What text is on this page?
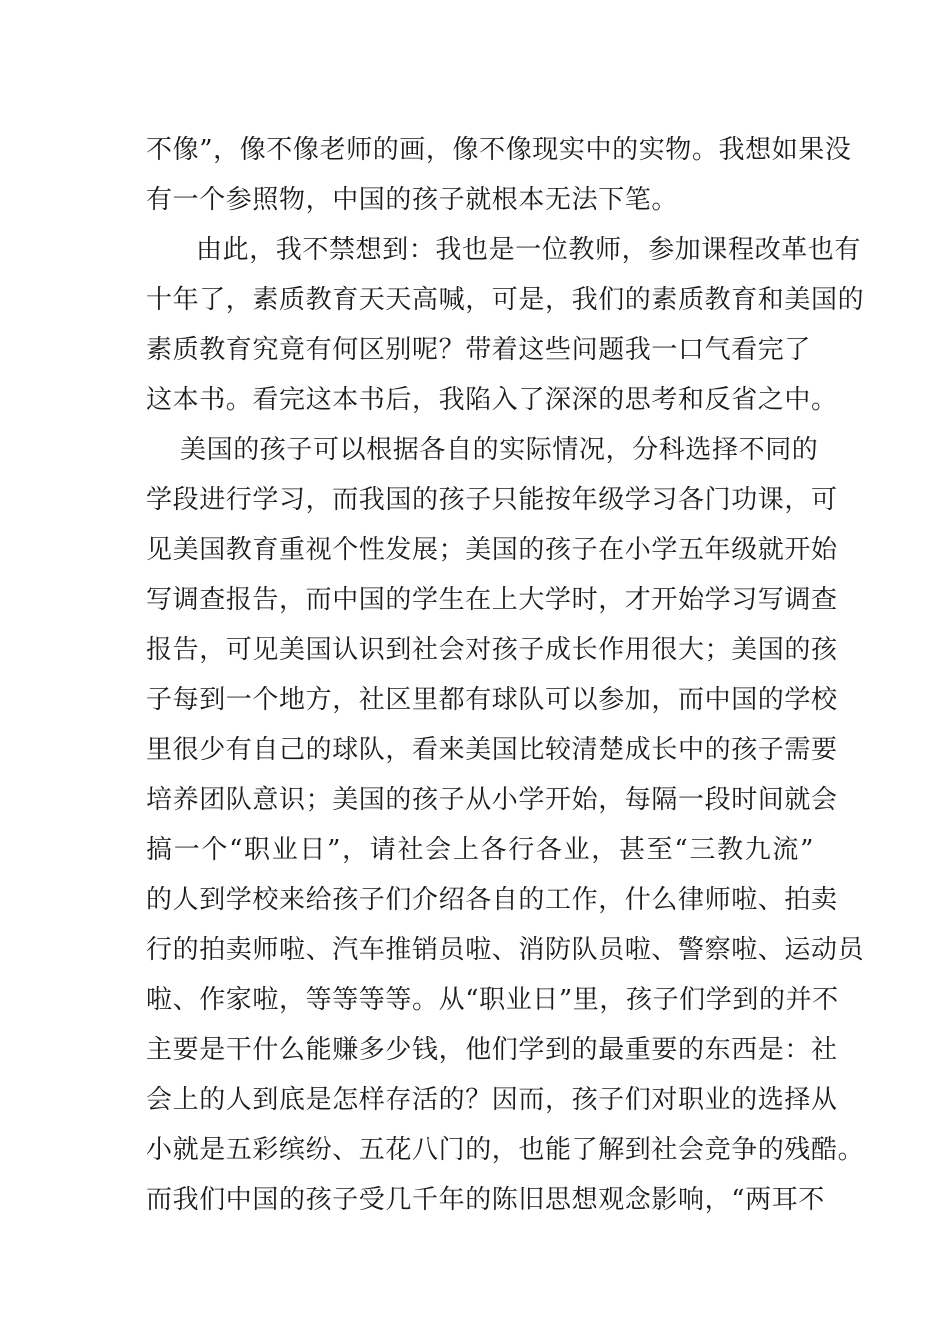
不像”，像不像老师的画，像不像现实中的实物。我想如果没
有一个参照物，中国的孩子就根本无法下笔。
由此，我不禁想到：我也是一位教师，参加课程改革也有
十年了，素质教育天天高喊，可是，我们的素质教育和美国的
素质教育究竟有何区别呢？带着这些问题我一口气看完了
这本书。看完这本书后，我陷入了深深的思考和反省之中。
美国的孩子可以根据各自的实际情况，分科选择不同的
学段进行学习，而我国的孩子只能按年级学习各门功课，可
见美国教育重视个性发展；美国的孩子在小学五年级就开始
写调查报告，而中国的学生在上大学时，才开始学习写调查
报告，可见美国认识到社会对孩子成长作用很大；美国的孩
子每到一个地方，社区里都有球队可以参加，而中国的学校
里很少有自己的球队，看来美国比较清楚成长中的孩子需要
培养团队意识；美国的孩子从小学开始，每隔一段时间就会
搞一个“职业日”，请社会上各行各业，甚至“三教九流”
的人到学校来给孩子们介绍各自的工作，什么律师啦、拍卖
行的拍卖师啦、汽车推销员啦、消防队员啦、警察啦、运动员
啦、作家啦，等等等等。从“职业日”里，孩子们学到的并不
主要是干什么能赚多少钱，他们学到的最重要的东西是：社
会上的人到底是怎样存活的？因而，孩子们对职业的选择从
小就是五彩缤纷、五花八门的，也能了解到社会竞争的残酷。
而我们中国的孩子受几千年的陈旧思想观念影响，“两耳不
